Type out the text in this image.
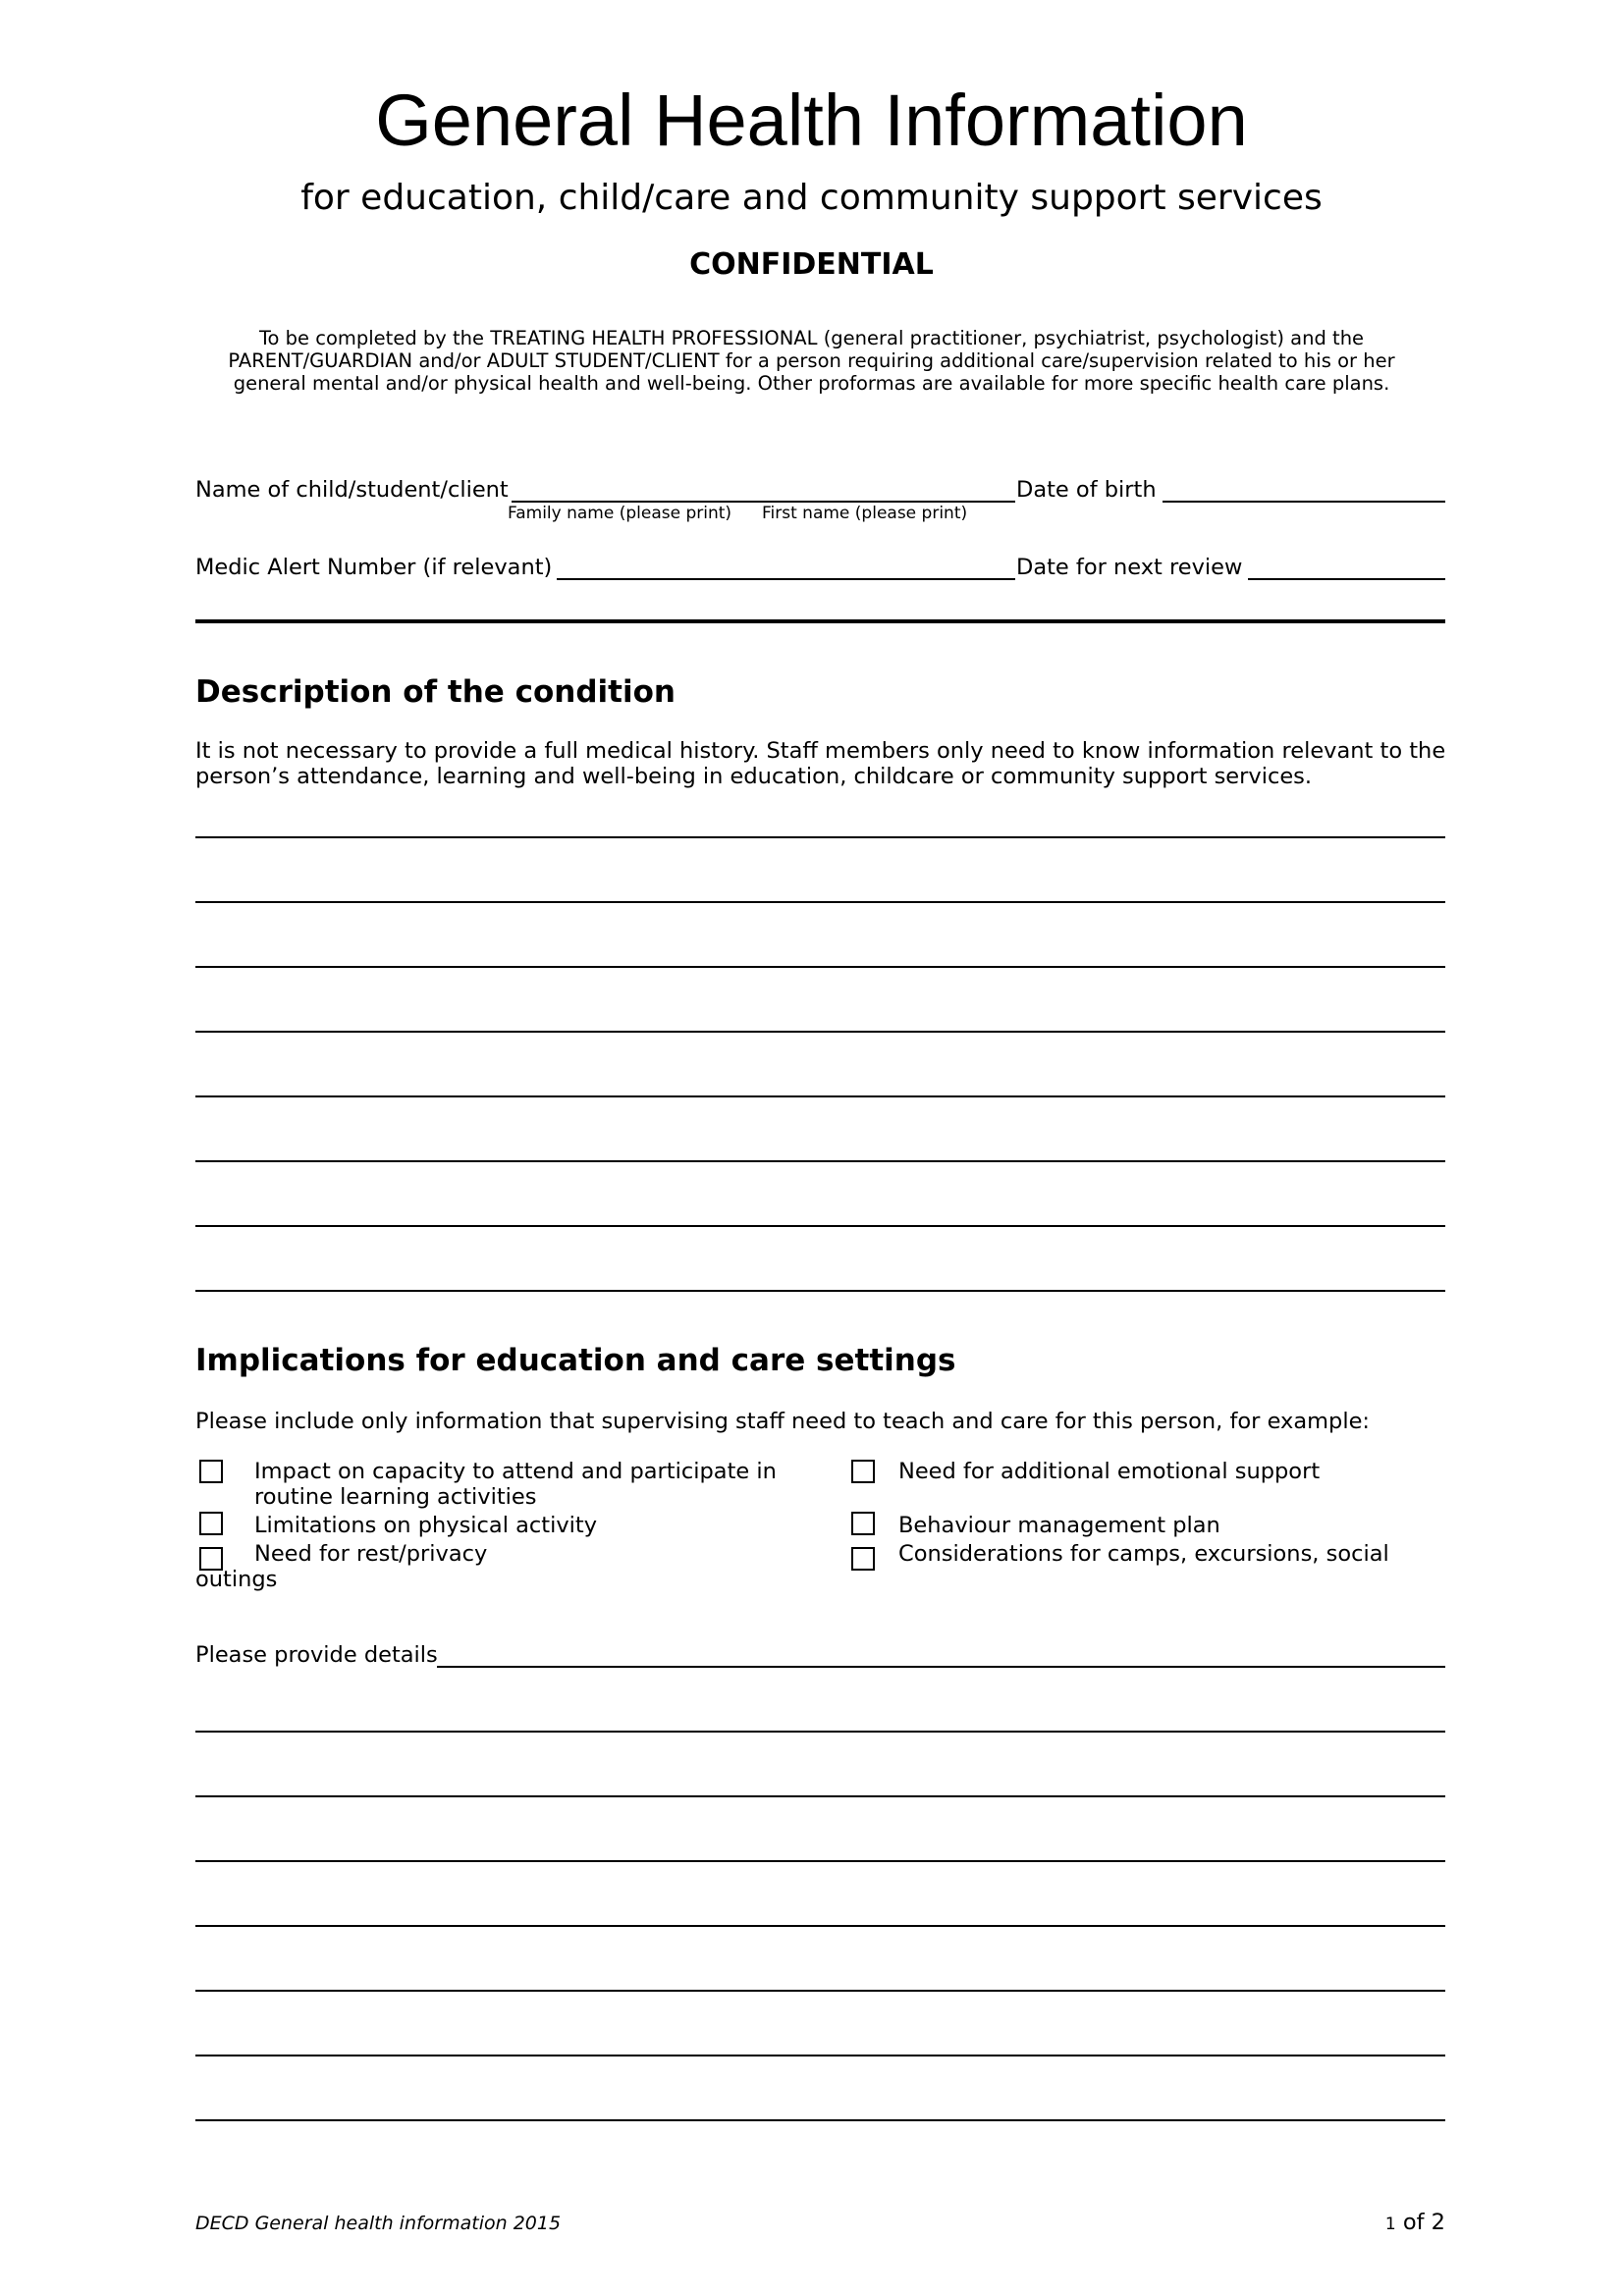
General Health Information
for education, child/care and community support services
CONFIDENTIAL
To be completed by the TREATING HEALTH PROFESSIONAL (general practitioner, psychiatrist, psychologist) and the PARENT/GUARDIAN and/or ADULT STUDENT/CLIENT for a person requiring additional care/supervision related to his or her general mental and/or physical health and well-being. Other proformas are available for more specific health care plans.
Name of child/student/client
Family name (please print) First name (please print)
Date of birth
Medic Alert Number (if relevant)	Date for next review
Description of the condition
It is not necessary to provide a full medical history. Staff members only need to know information relevant to the person’s attendance, learning and well-being in education, childcare or community support services.
Implications for education and care settings
Please include only information that supervising staff need to teach and care for this person, for example:
Impact on capacity to attend and participate in routine learning activities
Limitations on physical activity
Need for rest/privacy
Need for additional emotional support
Behaviour management plan
Considerations for camps, excursions, social
outings
Please provide details
DECD General health information 2015	1 of 2
